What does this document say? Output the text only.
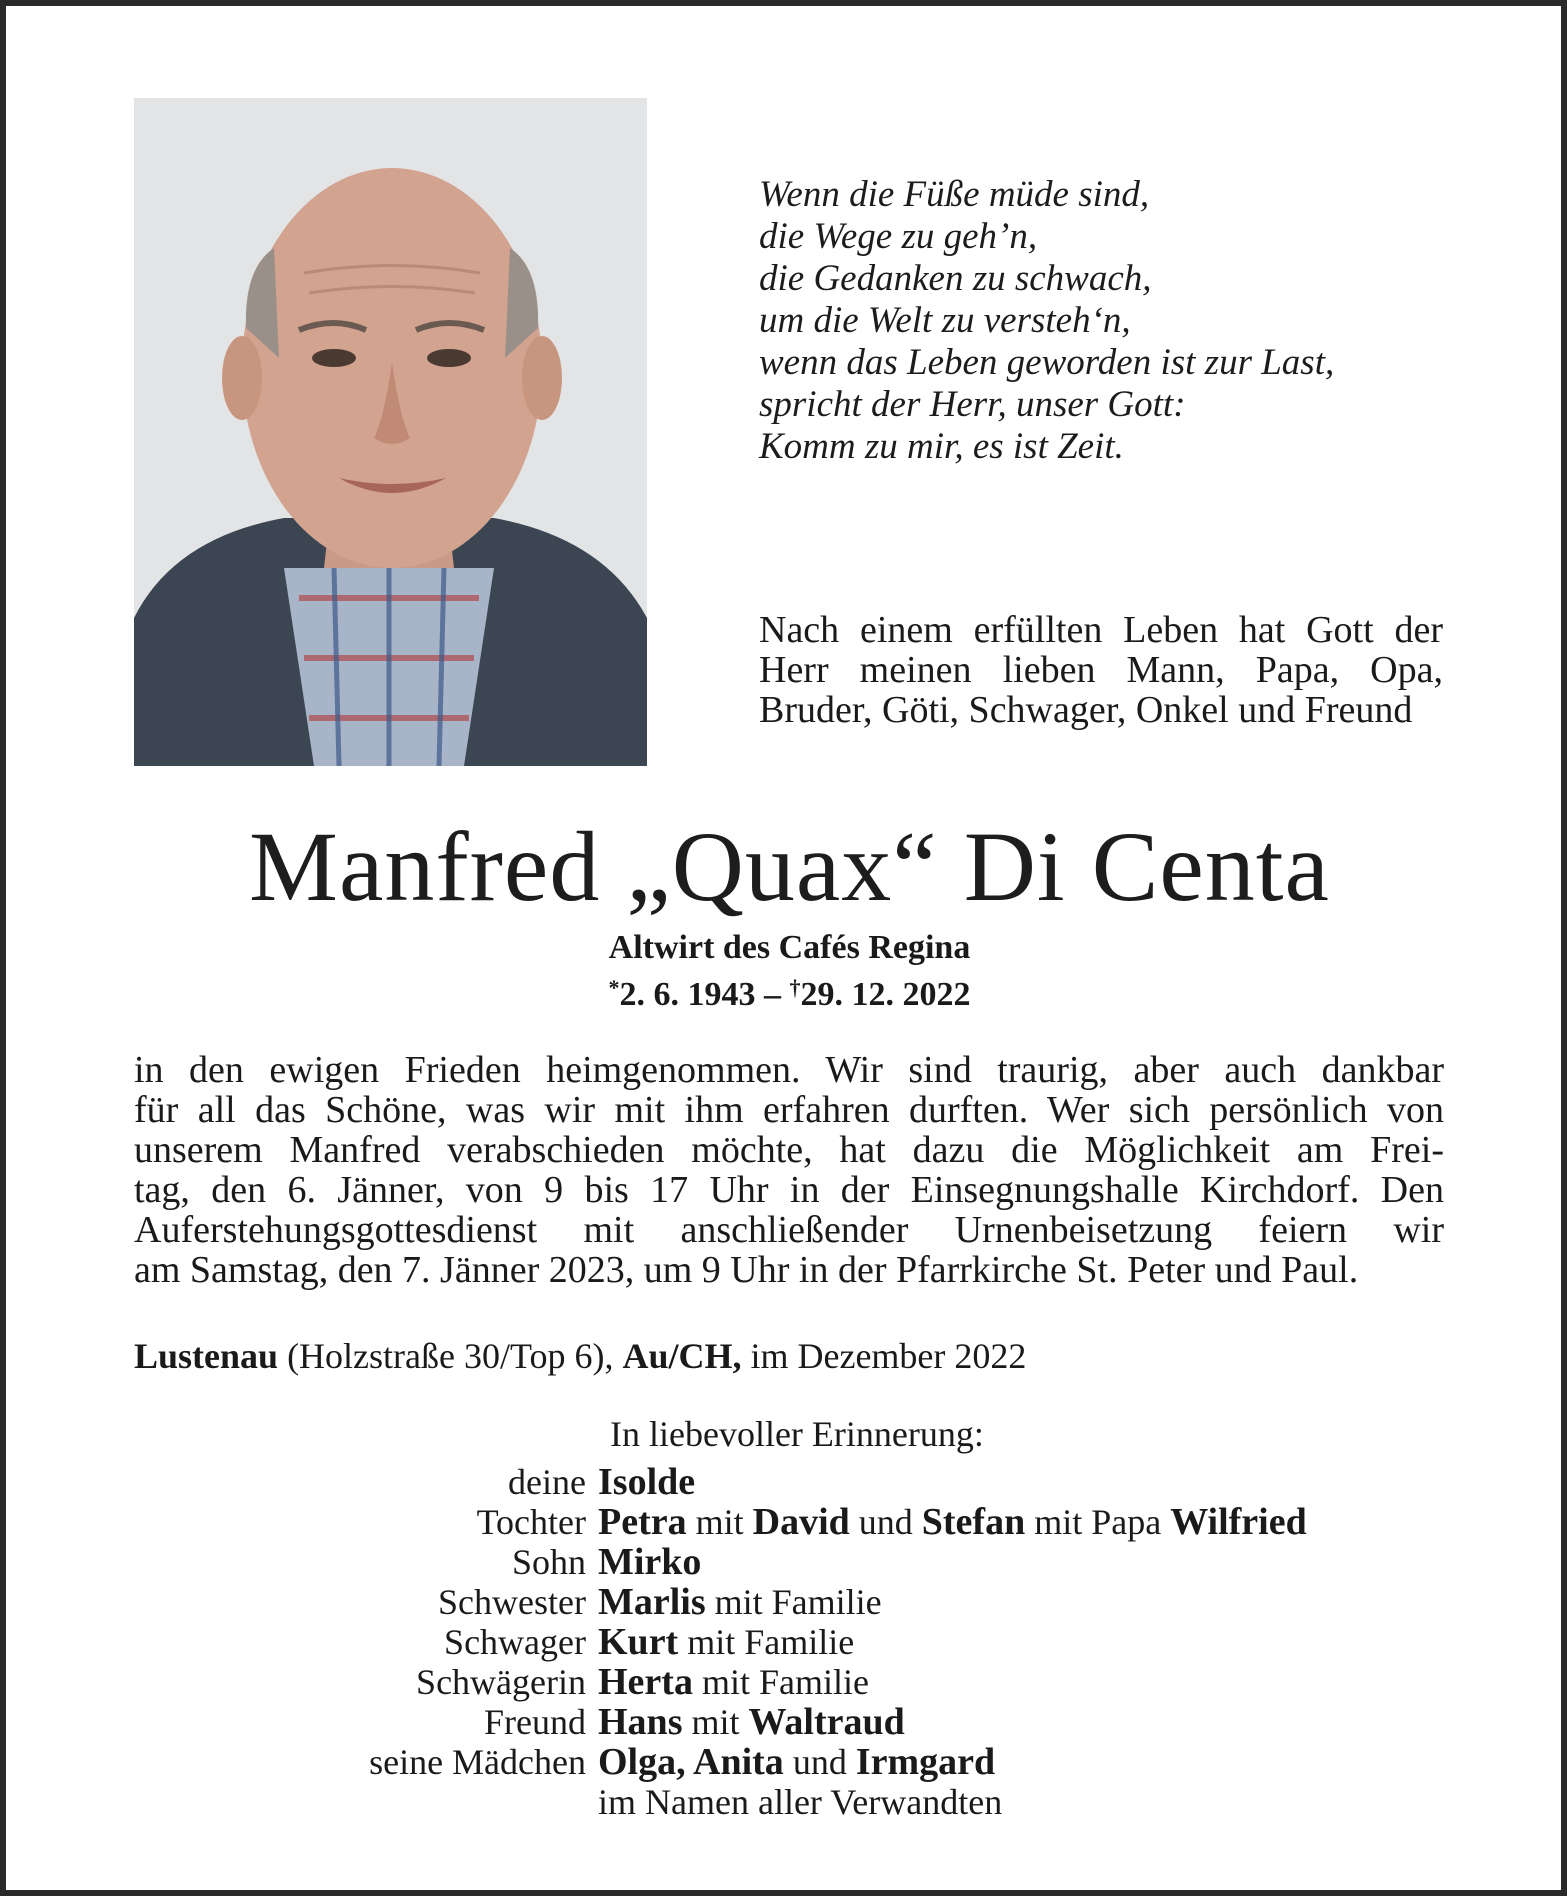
Wenn die Füße müde sind,
die Wege zu geh’n,
die Gedanken zu schwach,
um die Welt zu versteh‘n,
wenn das Leben geworden ist zur Last,
spricht der Herr, unser Gott:
Komm zu mir, es ist Zeit.
Nach einem erfüllten Leben hat Gott der Herr meinen lieben Mann, Papa, Opa, Bruder, Göti, Schwager, Onkel und Freund
Manfred „Quax“ Di Centa
Altwirt des Cafés Regina
*2. 6. 1943 – †29. 12. 2022
in den ewigen Frieden heimgenommen. Wir sind traurig, aber auch dankbar
für all das Schöne, was wir mit ihm erfahren durften. Wer sich persönlich von
unserem Manfred verabschieden möchte, hat dazu die Möglichkeit am Frei-
tag, den 6. Jänner, von 9 bis 17 Uhr in der Einsegnungshalle Kirchdorf. Den
Auferstehungsgottesdienst mit anschließender Urnenbeisetzung feiern wir
am Samstag, den 7. Jänner 2023, um 9 Uhr in der Pfarrkirche St. Peter und Paul.
Lustenau (Holzstraße 30/Top 6), Au/CH, im Dezember 2022
In liebevoller Erinnerung:
deine Isolde
Tochter Petra mit David und Stefan mit Papa Wilfried
Sohn Mirko
Schwester Marlis mit Familie
Schwager Kurt mit Familie
Schwägerin Herta mit Familie
Freund Hans mit Waltraud
seine Mädchen Olga, Anita und Irmgard
im Namen aller Verwandten
